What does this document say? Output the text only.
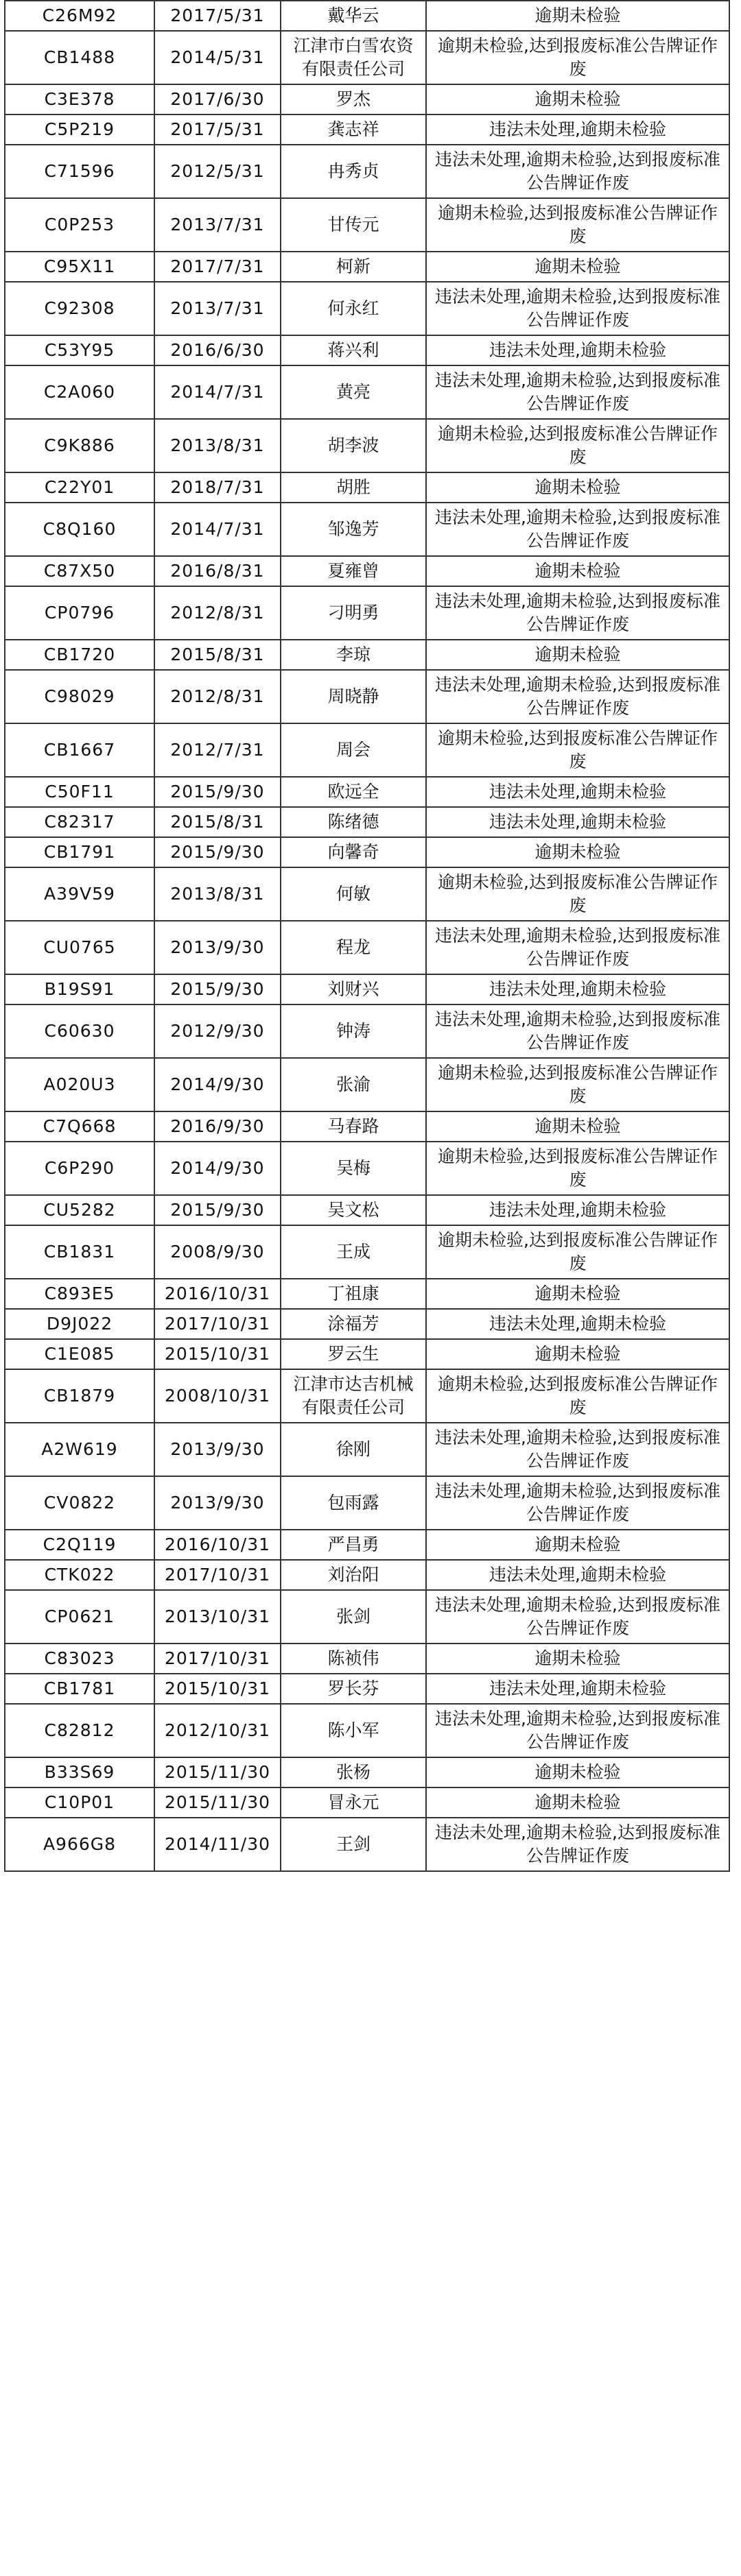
C26M92	2017/5/31	戴华云	逾期未检验
CB1488	2014/5/31	江津市白雪农资有限责任公司	逾期未检验,达到报废标准公告牌证作废
C3E378	2017/6/30	罗杰	逾期未检验
C5P219	2017/5/31	龚志祥	违法未处理,逾期未检验
C71596	2012/5/31	冉秀贞	违法未处理,逾期未检验,达到报废标准公告牌证作废
C0P253	2013/7/31	甘传元	逾期未检验,达到报废标准公告牌证作废
C95X11	2017/7/31	柯新	逾期未检验
C92308	2013/7/31	何永红	违法未处理,逾期未检验,达到报废标准公告牌证作废
C53Y95	2016/6/30	蒋兴利	违法未处理,逾期未检验
C2A060	2014/7/31	黄亮	违法未处理,逾期未检验,达到报废标准公告牌证作废
C9K886	2013/8/31	胡李波	逾期未检验,达到报废标准公告牌证作废
C22Y01	2018/7/31	胡胜	逾期未检验
C8Q160	2014/7/31	邹逸芳	违法未处理,逾期未检验,达到报废标准公告牌证作废
C87X50	2016/8/31	夏雍曾	逾期未检验
CP0796	2012/8/31	刁明勇	违法未处理,逾期未检验,达到报废标准公告牌证作废
CB1720	2015/8/31	李琼	逾期未检验
C98029	2012/8/31	周晓静	违法未处理,逾期未检验,达到报废标准公告牌证作废
CB1667	2012/7/31	周会	逾期未检验,达到报废标准公告牌证作废
C50F11	2015/9/30	欧远全	违法未处理,逾期未检验
C82317	2015/8/31	陈绪德	违法未处理,逾期未检验
CB1791	2015/9/30	向馨奇	逾期未检验
A39V59	2013/8/31	何敏	逾期未检验,达到报废标准公告牌证作废
CU0765	2013/9/30	程龙	违法未处理,逾期未检验,达到报废标准公告牌证作废
B19S91	2015/9/30	刘财兴	违法未处理,逾期未检验
C60630	2012/9/30	钟涛	违法未处理,逾期未检验,达到报废标准公告牌证作废
A020U3	2014/9/30	张渝	逾期未检验,达到报废标准公告牌证作废
C7Q668	2016/9/30	马春路	逾期未检验
C6P290	2014/9/30	吴梅	逾期未检验,达到报废标准公告牌证作废
CU5282	2015/9/30	吴文松	违法未处理,逾期未检验
CB1831	2008/9/30	王成	逾期未检验,达到报废标准公告牌证作废
C893E5	2016/10/31	丁祖康	逾期未检验
D9J022	2017/10/31	涂福芳	违法未处理,逾期未检验
C1E085	2015/10/31	罗云生	逾期未检验
CB1879	2008/10/31	江津市达吉机械有限责任公司	逾期未检验,达到报废标准公告牌证作废
A2W619	2013/9/30	徐刚	违法未处理,逾期未检验,达到报废标准公告牌证作废
CV0822	2013/9/30	包雨露	违法未处理,逾期未检验,达到报废标准公告牌证作废
C2Q119	2016/10/31	严昌勇	逾期未检验
CTK022	2017/10/31	刘治阳	违法未处理,逾期未检验
CP0621	2013/10/31	张剑	违法未处理,逾期未检验,达到报废标准公告牌证作废
C83023	2017/10/31	陈祯伟	逾期未检验
CB1781	2015/10/31	罗长芬	违法未处理,逾期未检验
C82812	2012/10/31	陈小军	违法未处理,逾期未检验,达到报废标准公告牌证作废
B33S69	2015/11/30	张杨	逾期未检验
C10P01	2015/11/30	冒永元	逾期未检验
A966G8	2014/11/30	王剑	违法未处理,逾期未检验,达到报废标准公告牌证作废
